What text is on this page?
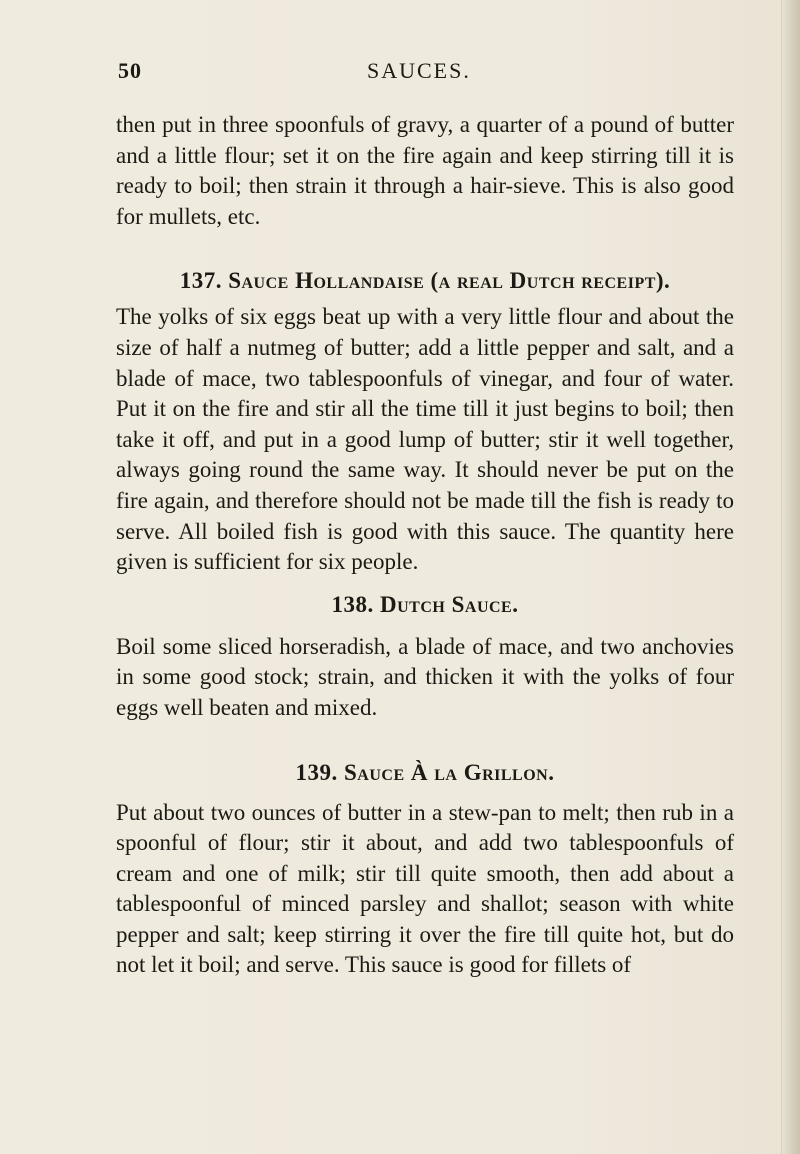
50	SAUCES.

then put in three spoonfuls of gravy, a quarter of a pound of butter and a little flour; set it on the fire again and keep stirring till it is ready to boil; then strain it through a hair-sieve. This is also good for mullets, etc.

137. Sauce Hollandaise (a real Dutch receipt).

The yolks of six eggs beat up with a very little flour and about the size of half a nutmeg of butter; add a little pepper and salt, and a blade of mace, two tablespoonfuls of vinegar, and four of water. Put it on the fire and stir all the time till it just begins to boil; then take it off, and put in a good lump of butter; stir it well together, always going round the same way. It should never be put on the fire again, and therefore should not be made till the fish is ready to serve. All boiled fish is good with this sauce. The quantity here given is sufficient for six people.

138. Dutch Sauce.

Boil some sliced horseradish, a blade of mace, and two anchovies in some good stock; strain, and thicken it with the yolks of four eggs well beaten and mixed.

139. Sauce À la Grillon.

Put about two ounces of butter in a stew-pan to melt; then rub in a spoonful of flour; stir it about, and add two tablespoonfuls of cream and one of milk; stir till quite smooth, then add about a tablespoonful of minced parsley and shallot; season with white pepper and salt; keep stirring it over the fire till quite hot, but do not let it boil; and serve. This sauce is good for fillets of
